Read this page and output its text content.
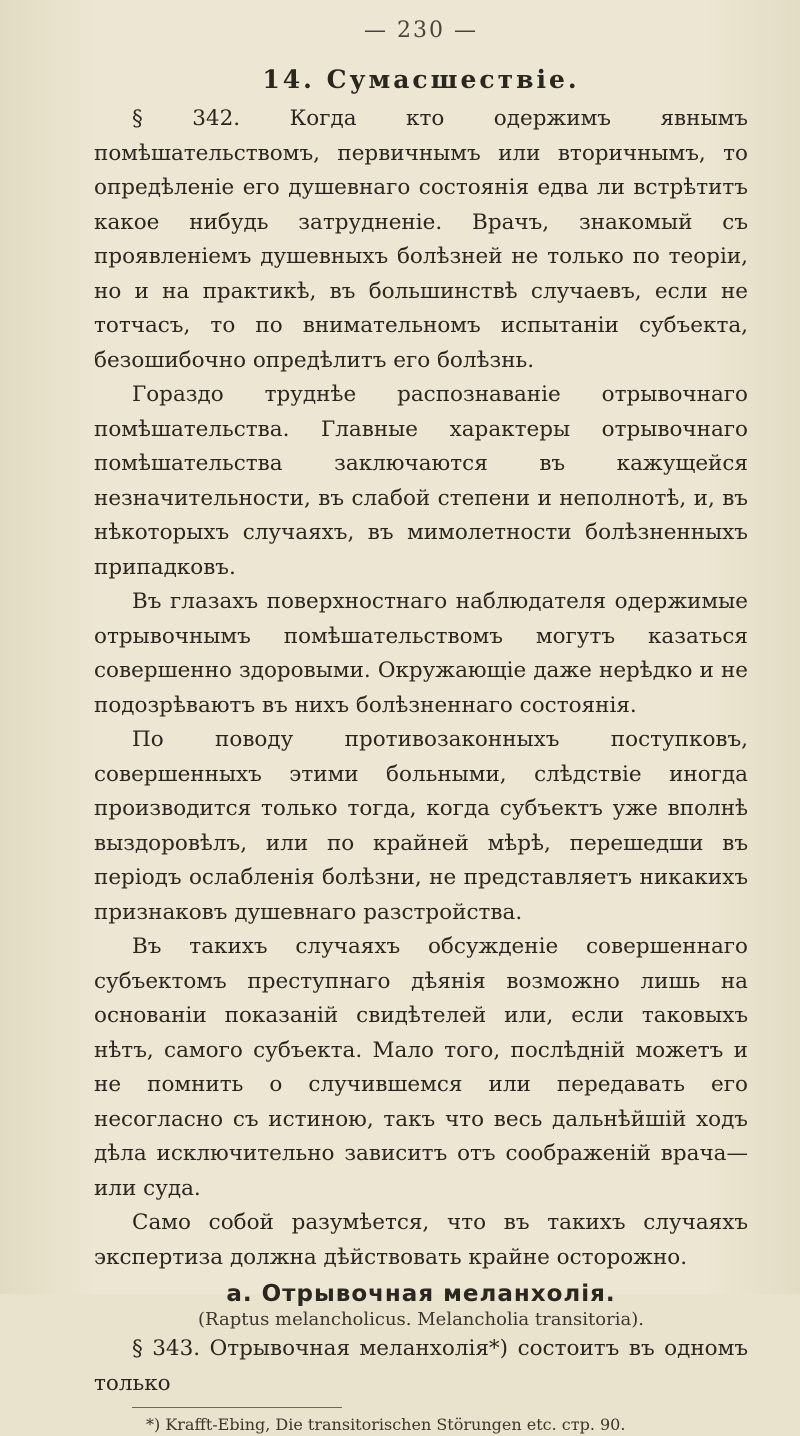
— 230 —
14. Сумасшествіе.

§ 342. Когда кто одержимъ явнымъ помѣшательствомъ, первичнымъ или вторичнымъ, то опредѣленіе его душевнаго состоянія едва ли встрѣтитъ какое нибудь затрудненіе. Врачъ, знакомый съ проявленіемъ душевныхъ болѣзней не только по теоріи, но и на практикѣ, въ большинствѣ случаевъ, если не тотчасъ, то по внимательномъ испытаніи субъекта, безошибочно опредѣлитъ его болѣзнь.

Гораздо труднѣе распознаваніе отрывочнаго помѣшательства. Главные характеры отрывочнаго помѣшательства заключаются въ кажущейся незначительности, въ слабой степени и неполнотѣ, и, въ нѣкоторыхъ случаяхъ, въ мимолетности болѣзненныхъ припадковъ.

Въ глазахъ поверхностнаго наблюдателя одержимые отрывочнымъ помѣшательствомъ могутъ казаться совершенно здоровыми. Окружающіе даже нерѣдко и не подозрѣваютъ въ нихъ болѣзненнаго состоянія.

По поводу противозаконныхъ поступковъ, совершенныхъ этими больными, слѣдствіе иногда производится только тогда, когда субъектъ уже вполнѣ выздоровѣлъ, или по крайней мѣрѣ, перешедши въ періодъ ослабленія болѣзни, не представляетъ никакихъ признаковъ душевнаго разстройства.

Въ такихъ случаяхъ обсужденіе совершеннаго субъектомъ преступнаго дѣянія возможно лишь на основаніи показаній свидѣтелей или, если таковыхъ нѣтъ, самого субъекта. Мало того, послѣдній можетъ и не помнить о случившемся или передавать его несогласно съ истиною, такъ что весь дальнѣйшій ходъ дѣла исключительно зависитъ отъ соображеній врача—или суда.

Само собой разумѣется, что въ такихъ случаяхъ экспертиза должна дѣйствовать крайне осторожно.

a. Отрывочная меланхолія.
(Raptus melancholicus. Melancholia transitoria).

§ 343. Отрывочная меланхолія*) состоитъ въ одномъ только

*) Krafft-Ebing, Die transitorischen Störungen etc. стр. 90.
